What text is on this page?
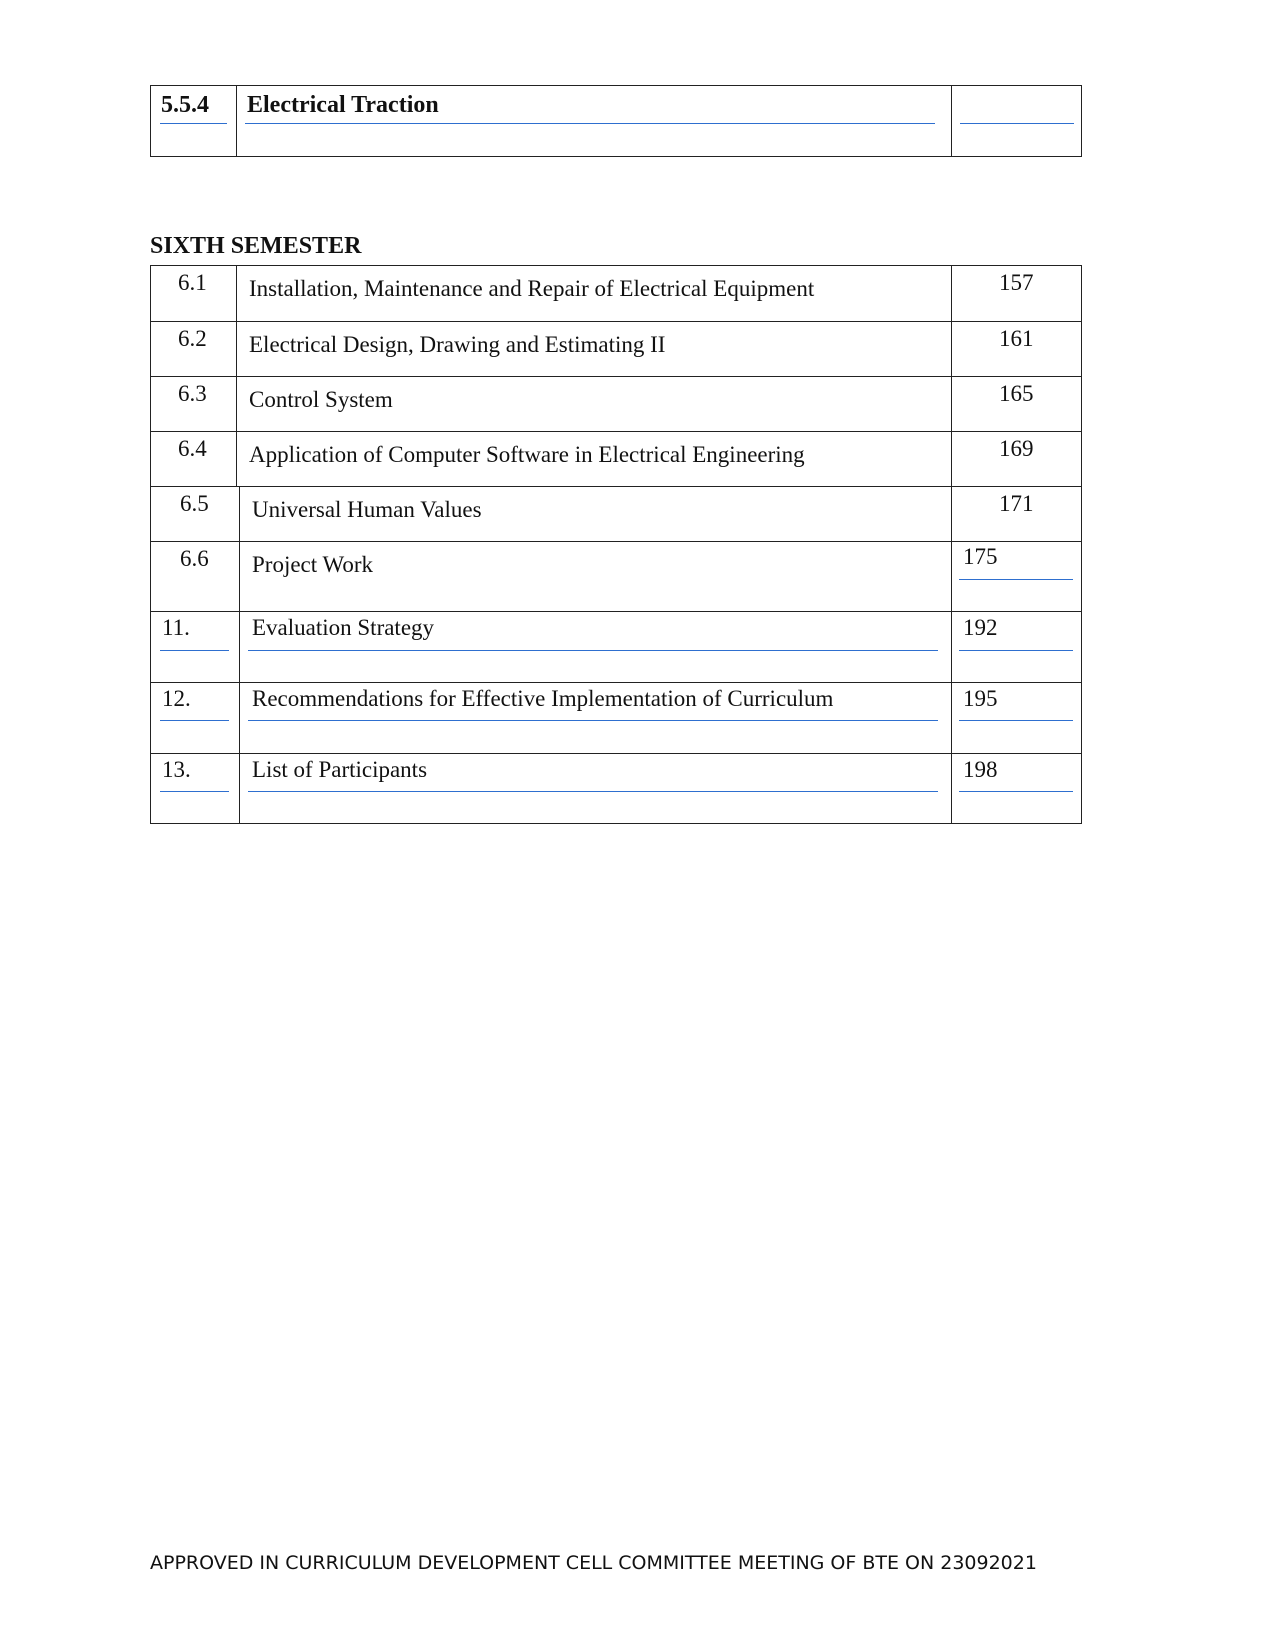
5.5.4 Electrical Traction
SIXTH SEMESTER
6.1 Installation, Maintenance and Repair of Electrical Equipment	157
6.2 Electrical Design, Drawing and Estimating II	161
6.3 Control System	165
6.4 Application of Computer Software in Electrical Engineering	169
6.5 Universal Human Values	171
6.6 Project Work	175
11.	Evaluation Strategy	192
12.	Recommendations for Effective Implementation of Curriculum	195
13.	List of Participants	198
APPROVED IN CURRICULUM DEVELOPMENT CELL COMMITTEE MEETING OF BTE ON 23092021
